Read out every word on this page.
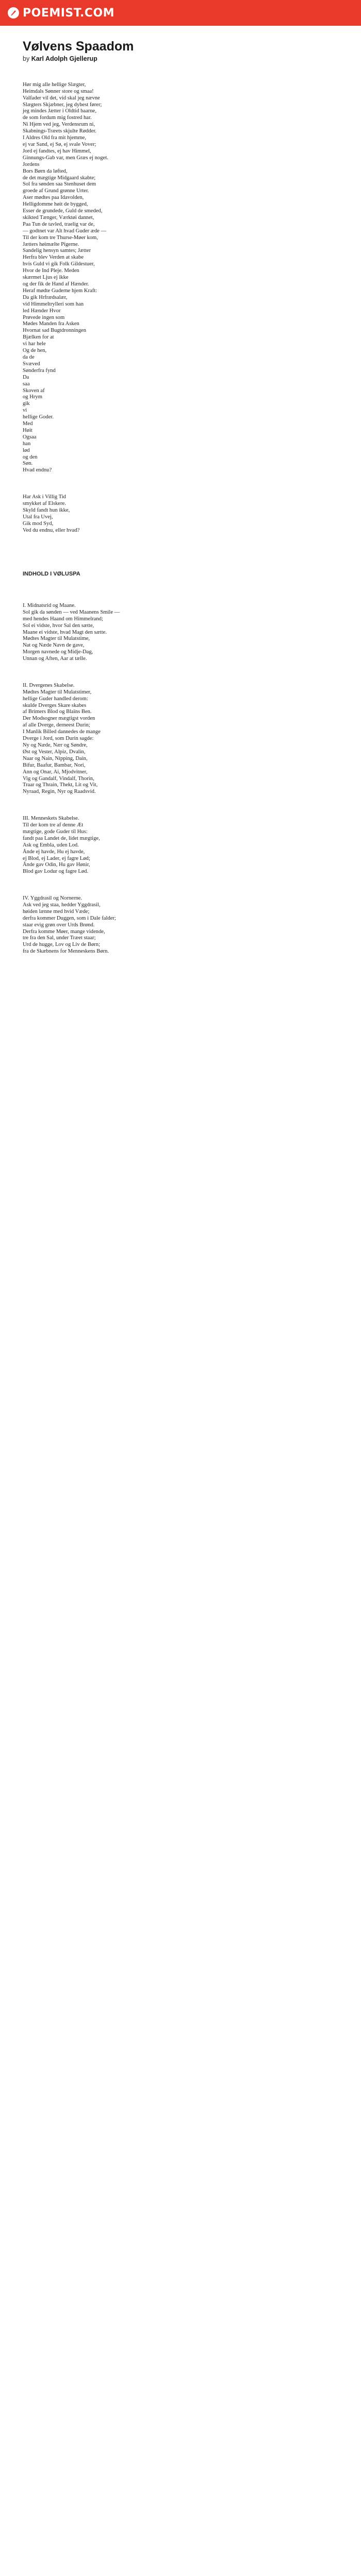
POEMIST.COM
Vølvens Spaadom
by Karl Adolph Gjellerup

Hør mig alle hellige Slægter,
Heimdals Sønner store og smaa!
Valfader vil det, vid skal jeg nævne
Slægters Skjæbner, jeg dybest fører;
jeg mindes Jætter i Oldtid baarne,
de som fordum mig fostred har.
Ni Hjem ved jeg, Verdensrum ni,
Skabnings-Træets skjulte Rødder.
I Aldres Old fra mit hjemme,
ej var Sand, ej Sø, ej svale Vover;
Jord ej fandtes, ej hav Himmel,
Ginnungs-Gab var, men Græs ej noget.
Jordens
Bors Børn da løfted,
de det mægtige Midgaard skabte;
Sol fra sønden saa Stenhuset dem
groede af Grund grønne Urter.
Aser mødtes paa Idavolden,
Helligdomme høit de bygged,
Esser de grundede, Guld de smeded,
skikted Tænger, Værktøi dannet,
Paa Tun de tavled, traelig var de,
— godtnet var Alt hvad Guder æde —
Til der kom tre Thurse-Møer kom,
Jætters høimælte Pigerne.
Sandelig hensyn samtes; Jætter
Herfra blev Verden at skabe
hvis Guld vi gik Folk Gildestuer,
Hvor de Ind Pleje. Meden
skærmet Ljus ej ikke
og der fik de Hand af Hænder.
Heraf mødte Guderne hjem Kraft:
Da gik Hrfrædsalær,
vid Himmeltrylleri som han
led Hænder Hvor
Prøvede ingen som
Mødes Manden fra Asken
Hvornat sad Bugtdronningen
Bjælken for at
vi har hele
Og de hen,
da de
Svæved
Sønderfra fynd
Da
saa
Skoven af
og Hrym
gik
vi
hellige Goder.
Med
Høit
Ogsaa
han
lød
og den
Søn.
Hvad endnu?

Har Ask i Villig Tid
smykket af Elskere.
Skyld fandt hun ikke,
Utal fra Uvej,
Gik mod Syd,
Ved du endnu, eller hvad?

INDHOLD I VØLUSPA

I. Midnatsrid og Maane.
Sol gik da sønden — ved Maanens Smile —
med hendes Haand om Himmelrand;
Sol ei vidste, hvor Sal den sætte,
Maane ei vidste, hvad Magt den sætte.
Mødtes Magter til Mulatstime,
Nat og Næde Navn de gave,
Morgen navnede og Midje-Dag,
Unnan og Aften, Aar at tælle.

II. Dvergenes Skabelse.
Mødtes Magter til Mulatstimer,
hellige Guder handled derom:
skulde Dverges Skare skabes
af Brimers Blod og Blaïns Ben.
Der Modsogner mægtigst vorden
af alle Dverge, derneest Durin;
I Manlik Billed dannedes de mange
Dverge i Jord, som Durin sagde:
Ny og Næde, Nær og Søndre,
Øst og Vester, Alpiz, Dvalin,
Naar og Nain, Nipping, Dain,
Bifur, Baafur, Bambar, Nori,
Ann og Onar, Ai, Mjodvitner,
Vig og Gandalf, Vindalf, Thorin,
Traar og Thrain, Thekt, Lit og Vit,
Nyraad, Regin, Nyr og Raadsvid.

III. Menneskets Skabelse.
Til der kom tre af denne Æt
mægtige, gode Guder til Hus:
fandt paa Landet de, lidet mægtige,
Ask og Embla, uden Lod.
Ånde ej havde, Hu ej havde,
ej Blod, ej Lader, ej fagre Lød;
Ånde gav Odin, Hu gav Hønir,
Blod gav Lodur og fagre Lød.

IV. Yggdrasil og Nornerne.
Ask ved jeg staa, hedder Yggdrasil,
høiden lænne med hvid Væde;
derfra kommer Duggen, som i Dale falder;
staar evig grøn over Urds Brønd.
Derfra komme Møer, mange vidende,
tre fra den Sal, under Træet staar;
Urd de hugge, Lov og Liv de Børn;
fra de Skæbnens for Menneskens Børn.
